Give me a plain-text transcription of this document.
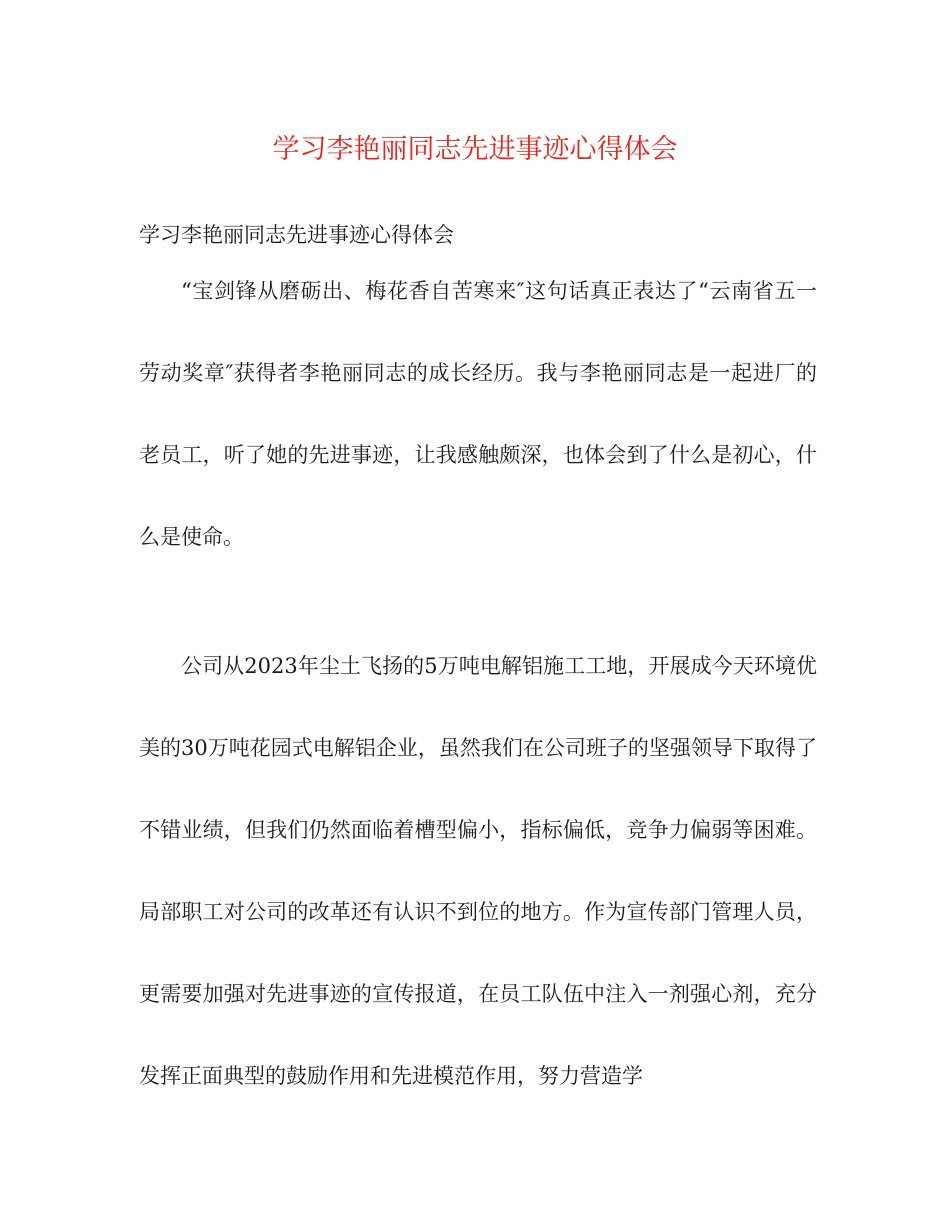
学习李艳丽同志先进事迹心得体会

学习李艳丽同志先进事迹心得体会

“宝剑锋从磨砺出、梅花香自苦寒来″这句话真正表达了“云南省五一劳动奖章″获得者李艳丽同志的成长经历。我与李艳丽同志是一起进厂的老员工，听了她的先进事迹，让我感触颇深，也体会到了什么是初心，什么是使命。

公司从2023年尘土飞扬的5万吨电解铝施工工地，开展成今天环境优美的30万吨花园式电解铝企业，虽然我们在公司班子的坚强领导下取得了不错业绩，但我们仍然面临着槽型偏小，指标偏低，竞争力偏弱等困难。局部职工对公司的改革还有认识不到位的地方。作为宣传部门管理人员，更需要加强对先进事迹的宣传报道，在员工队伍中注入一剂强心剂，充分发挥正面典型的鼓励作用和先进模范作用，努力营造学
